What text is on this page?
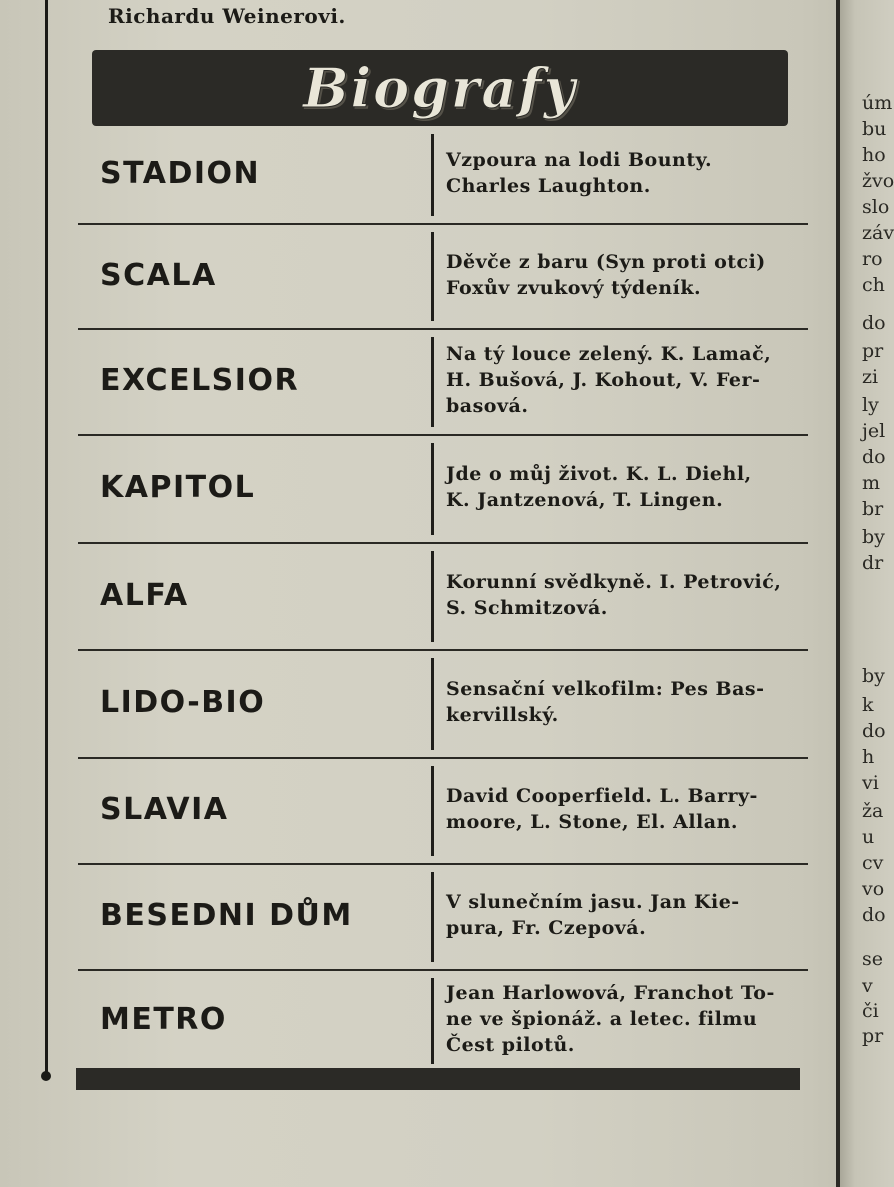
úm
bu
ho
žvo
slo
záv
ro
ch
do
pr
zi
ly
jel
do
m
br
by
dr
by
k
do
h
vi
ža
u
cv
vo
do
se
v
či
pr
Richardu Weinerovi.
Biografy
STADION	Vzpoura na lodi Bounty.
Charles Laughton.
SCALA	Děvče z baru (Syn proti otci)
Foxův zvukový týdeník.
EXCELSIOR
Na tý louce zelený. K. Lamač,
H. Bušová, J. Kohout, V. Fer-
basová.
KAPITOL	Jde o můj život. K. L. Diehl,
K. Jantzenová, T. Lingen.
ALFA	Korunní svědkyně. I. Petrović,
S. Schmitzová.
LIDO-BIO	Sensační velkofilm: Pes Bas-
kervillský.
SLAVIA	David Cooperfield. L. Barry-
moore, L. Stone, El. Allan.
BESEDNI DŮM	V slunečním jasu. Jan Kie-
pura, Fr. Czepová.
METRO
Jean Harlowová, Franchot To-
ne ve špionáž. a letec. filmu
Čest pilotů.
